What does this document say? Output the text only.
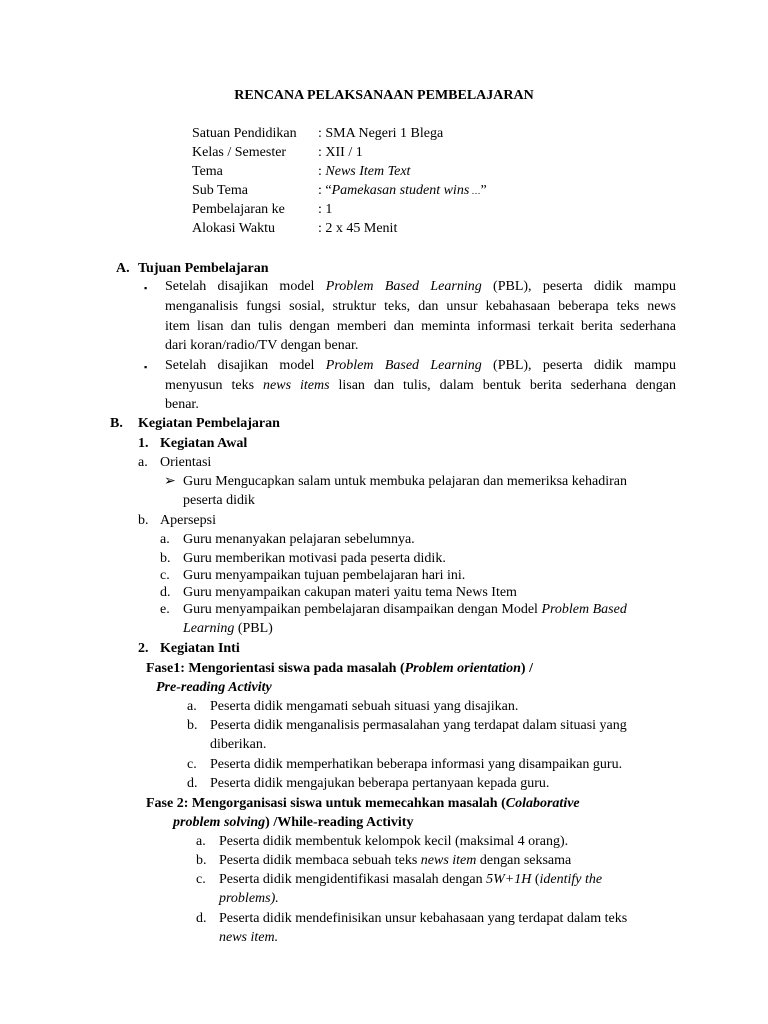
RENCANA PELAKSANAAN PEMBELAJARAN
Satuan Pendidikan : SMA Negeri 1 Blega
Kelas / Semester : XII / 1
Tema	: News Item Text
Sub Tema	: “Pamekasan student wins …”
Pembelajaran ke : 1
Alokasi Waktu	: 2 x 45 Menit
A. Tujuan Pembelajaran
▪ Setelah disajikan model Problem Based Learning (PBL), peserta didik mampu
menganalisis fungsi sosial, struktur teks, dan unsur kebahasaan beberapa teks news
item lisan dan tulis dengan memberi dan meminta informasi terkait berita sederhana
dari koran/radio/TV dengan benar.
▪ Setelah disajikan model Problem Based Learning (PBL), peserta didik mampu
menyusun teks news items lisan dan tulis, dalam bentuk berita sederhana dengan
benar.
B. Kegiatan Pembelajaran
1. Kegiatan Awal
a. Orientasi
➢ Guru Mengucapkan salam untuk membuka pelajaran dan memeriksa kehadiran
peserta didik
b. Apersepsi
a. Guru menanyakan pelajaran sebelumnya.
b. Guru memberikan motivasi pada peserta didik.
c. Guru menyampaikan tujuan pembelajaran hari ini.
d. Guru menyampaikan cakupan materi yaitu tema News Item
e. Guru menyampaikan pembelajaran disampaikan dengan Model Problem Based
Learning (PBL)
2. Kegiatan Inti
Fase1: Mengorientasi siswa pada masalah (Problem orientation) /
Pre-reading Activity
a. Peserta didik mengamati sebuah situasi yang disajikan.
b. Peserta didik menganalisis permasalahan yang terdapat dalam situasi yang
diberikan.
c. Peserta didik memperhatikan beberapa informasi yang disampaikan guru.
d. Peserta didik mengajukan beberapa pertanyaan kepada guru.
Fase 2: Mengorganisasi siswa untuk memecahkan masalah (Colaborative
problem solving) /While-reading Activity
a. Peserta didik membentuk kelompok kecil (maksimal 4 orang).
b. Peserta didik membaca sebuah teks news item dengan seksama
c. Peserta didik mengidentifikasi masalah dengan 5W+1H (identify the
problems).
d. Peserta didik mendefinisikan unsur kebahasaan yang terdapat dalam teks
news item.
